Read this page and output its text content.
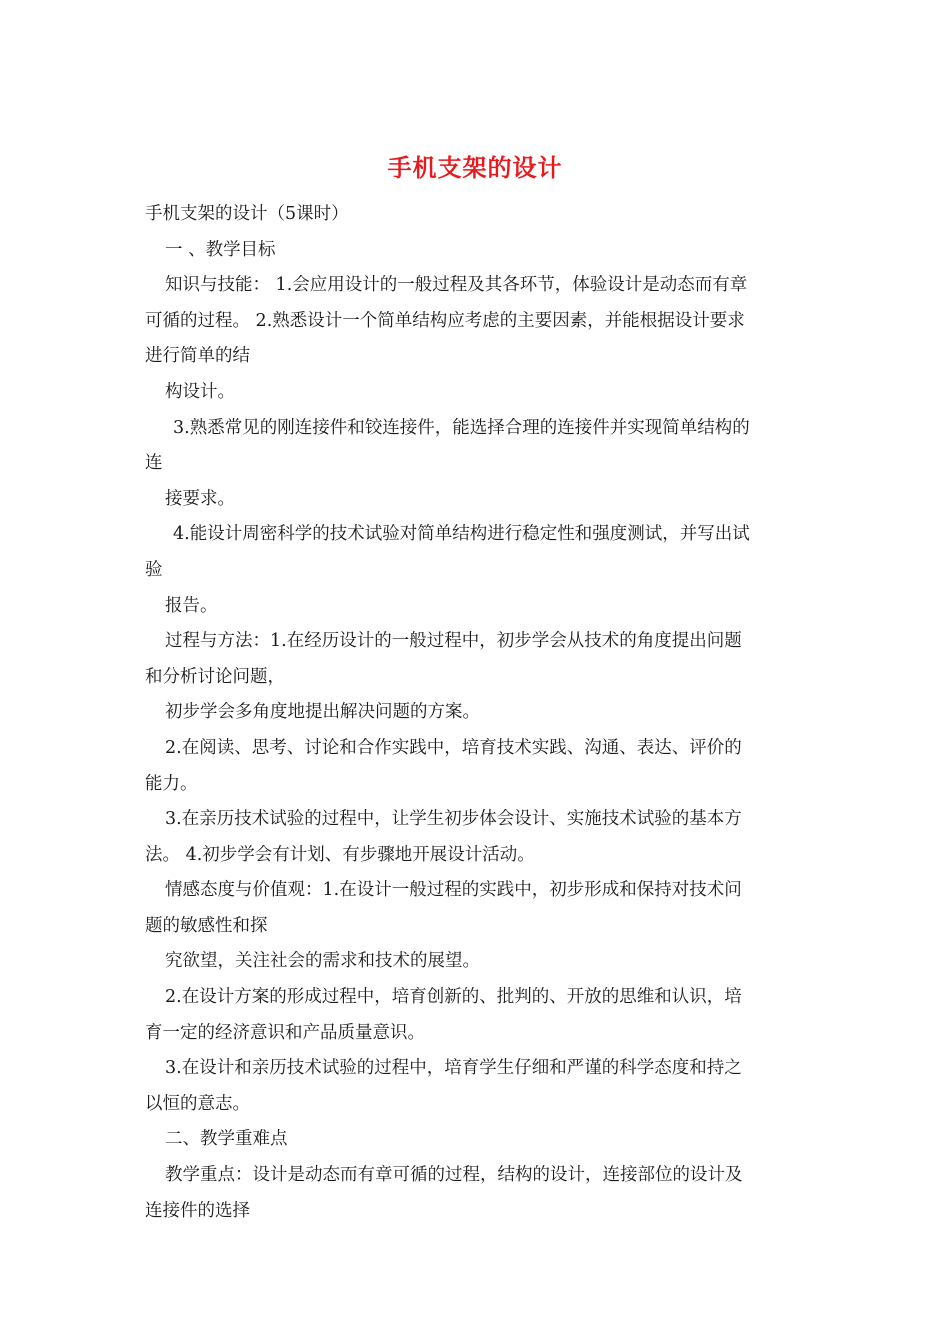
手机支架的设计
手机支架的设计（5课时）
一 、教学目标
知识与技能： 1.会应用设计的一般过程及其各环节，体验设计是动态而有章
可循的过程。 2.熟悉设计一个简单结构应考虑的主要因素，并能根据设计要求
进行简单的结
构设计。
3.熟悉常见的刚连接件和铰连接件，能选择合理的连接件并实现简单结构的
连
接要求。
4.能设计周密科学的技术试验对简单结构进行稳定性和强度测试，并写出试
验
报告。
过程与方法：1.在经历设计的一般过程中，初步学会从技术的角度提出问题
和分析讨论问题，
初步学会多角度地提出解决问题的方案。
2.在阅读、思考、讨论和合作实践中，培育技术实践、沟通、表达、评价的
能力。
3.在亲历技术试验的过程中，让学生初步体会设计、实施技术试验的基本方
法。 4.初步学会有计划、有步骤地开展设计活动。
情感态度与价值观：1.在设计一般过程的实践中，初步形成和保持对技术问
题的敏感性和探
究欲望，关注社会的需求和技术的展望。
2.在设计方案的形成过程中，培育创新的、批判的、开放的思维和认识，培
育一定的经济意识和产品质量意识。
3.在设计和亲历技术试验的过程中，培育学生仔细和严谨的科学态度和持之
以恒的意志。
二、教学重难点
教学重点：设计是动态而有章可循的过程，结构的设计，连接部位的设计及
连接件的选择
